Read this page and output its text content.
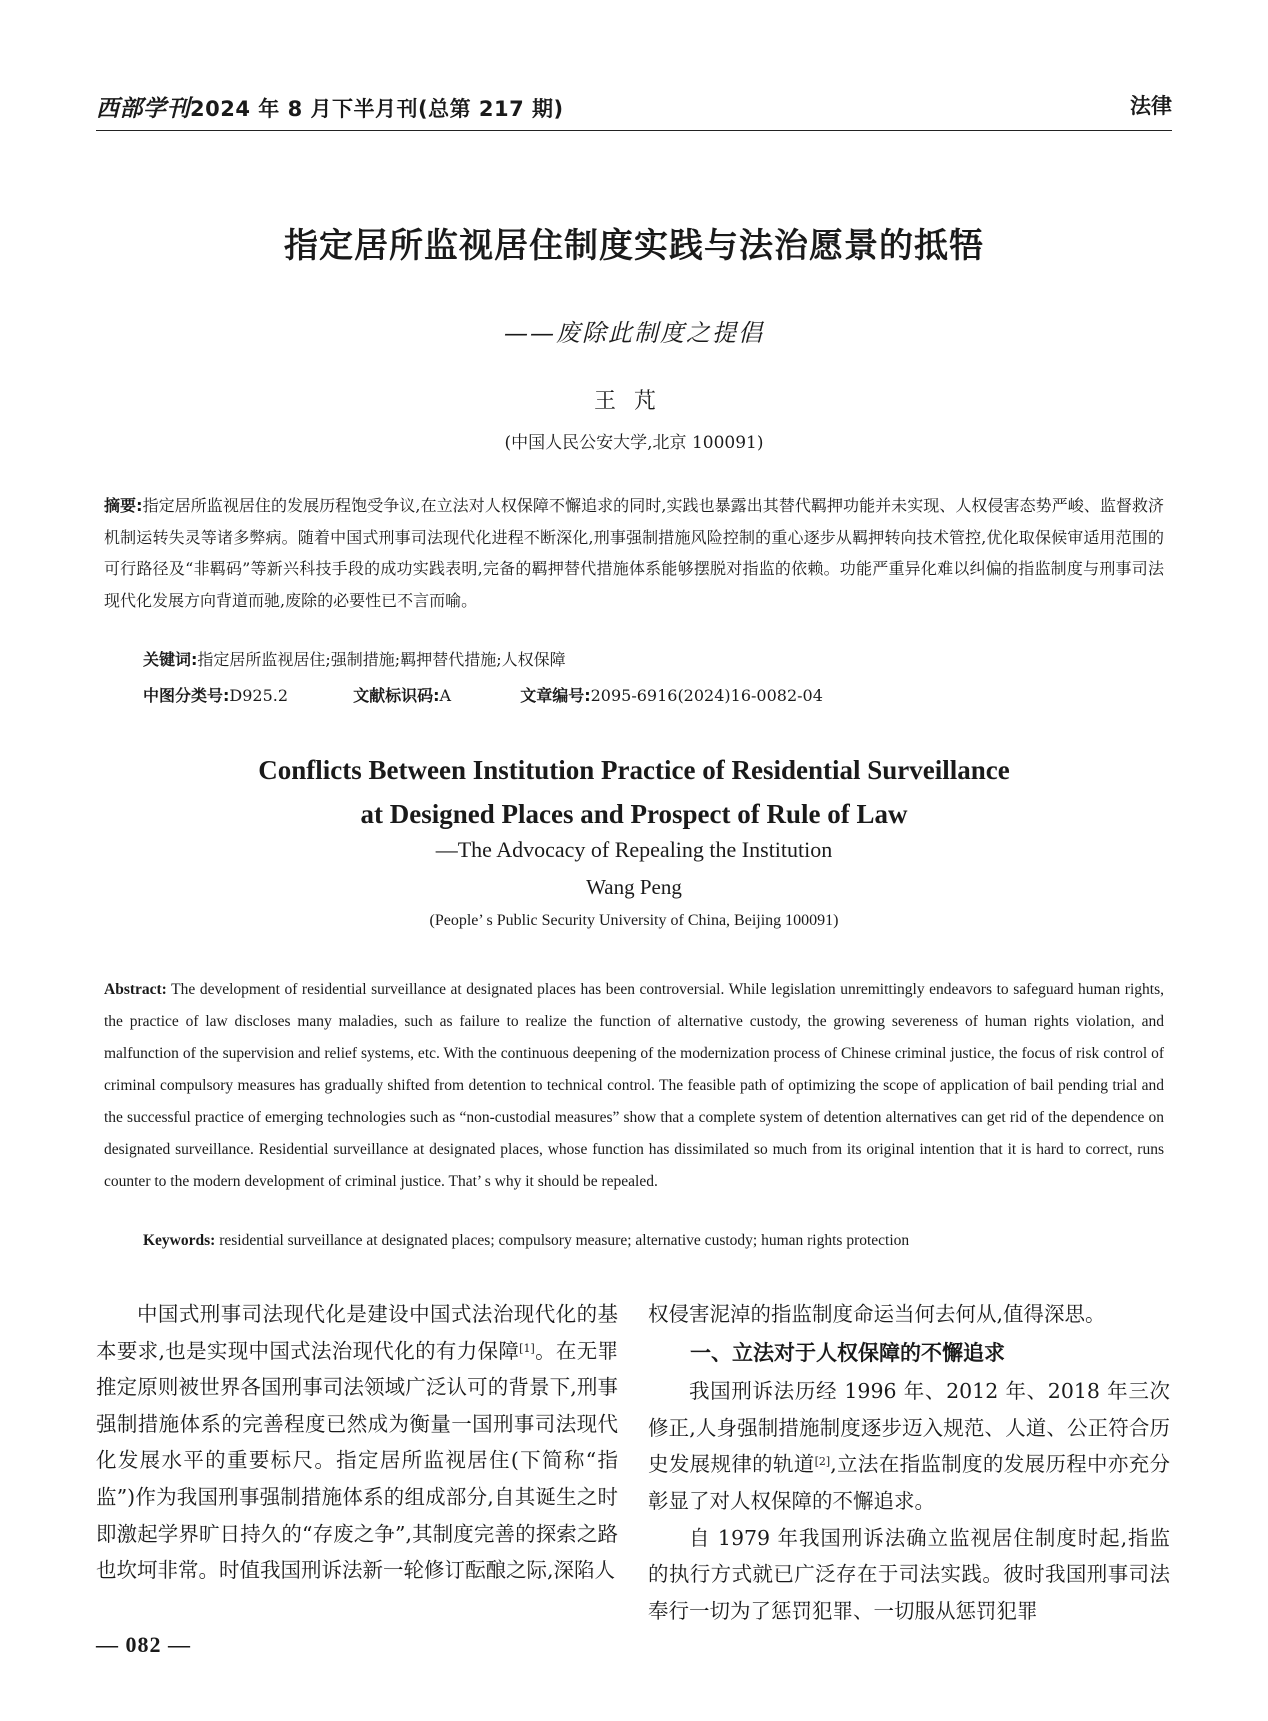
西部学刊2024 年 8 月下半月刊(总第 217 期)	法律
指定居所监视居住制度实践与法治愿景的抵牾
——废除此制度之提倡
王芃
(中国人民公安大学,北京 100091)
摘要:指定居所监视居住的发展历程饱受争议,在立法对人权保障不懈追求的同时,实践也暴露出其替代羁押功能并未实现、人权侵害态势严峻、监督救济机制运转失灵等诸多弊病。随着中国式刑事司法现代化进程不断深化,刑事强制措施风险控制的重心逐步从羁押转向技术管控,优化取保候审适用范围的可行路径及“非羁码”等新兴科技手段的成功实践表明,完备的羁押替代措施体系能够摆脱对指监的依赖。功能严重异化难以纠偏的指监制度与刑事司法现代化发展方向背道而驰,废除的必要性已不言而喻。
关键词:指定居所监视居住;强制措施;羁押替代措施;人权保障
中图分类号:D925.2	文献标识码:A	文章编号:2095-6916(2024)16-0082-04
Conflicts Between Institution Practice of Residential Surveillance
at Designed Places and Prospect of Rule of Law
—The Advocacy of Repealing the Institution
Wang Peng
(People’ s Public Security University of China, Beijing 100091)
Abstract: The development of residential surveillance at designated places has been controversial. While legislation unremittingly endeavors to safeguard human rights, the practice of law discloses many maladies, such as failure to realize the function of alternative custody, the growing severeness of human rights violation, and malfunction of the supervision and relief systems, etc. With the continuous deepening of the modernization process of Chinese criminal justice, the focus of risk control of criminal compulsory measures has gradually shifted from detention to technical control. The feasible path of optimizing the scope of application of bail pending trial and the successful practice of emerging technologies such as “non-custodial measures” show that a complete system of detention alternatives can get rid of the dependence on designated surveillance. Residential surveillance at designated places, whose function has dissimilated so much from its original intention that it is hard to correct, runs counter to the modern development of criminal justice. That’ s why it should be repealed.
Keywords: residential surveillance at designated places; compulsory measure; alternative custody; human rights protection

中国式刑事司法现代化是建设中国式法治现代化的基本要求,也是实现中国式法治现代化的有力保障[1]。在无罪推定原则被世界各国刑事司法领域广泛认可的背景下,刑事强制措施体系的完善程度已然成为衡量一国刑事司法现代化发展水平的重要标尺。指定居所监视居住(下简称“指监”)作为我国刑事强制措施体系的组成部分,自其诞生之时即激起学界旷日持久的“存废之争”,其制度完善的探索之路也坎坷非常。时值我国刑诉法新一轮修订酝酿之际,深陷人

权侵害泥淖的指监制度命运当何去何从,值得深思。

一、立法对于人权保障的不懈追求

我国刑诉法历经 1996 年、2012 年、2018 年三次修正,人身强制措施制度逐步迈入规范、人道、公正符合历史发展规律的轨道[2],立法在指监制度的发展历程中亦充分彰显了对人权保障的不懈追求。

自 1979 年我国刑诉法确立监视居住制度时起,指监的执行方式就已广泛存在于司法实践。彼时我国刑事司法奉行一切为了惩罚犯罪、一切服从惩罚犯罪

— 082 —
